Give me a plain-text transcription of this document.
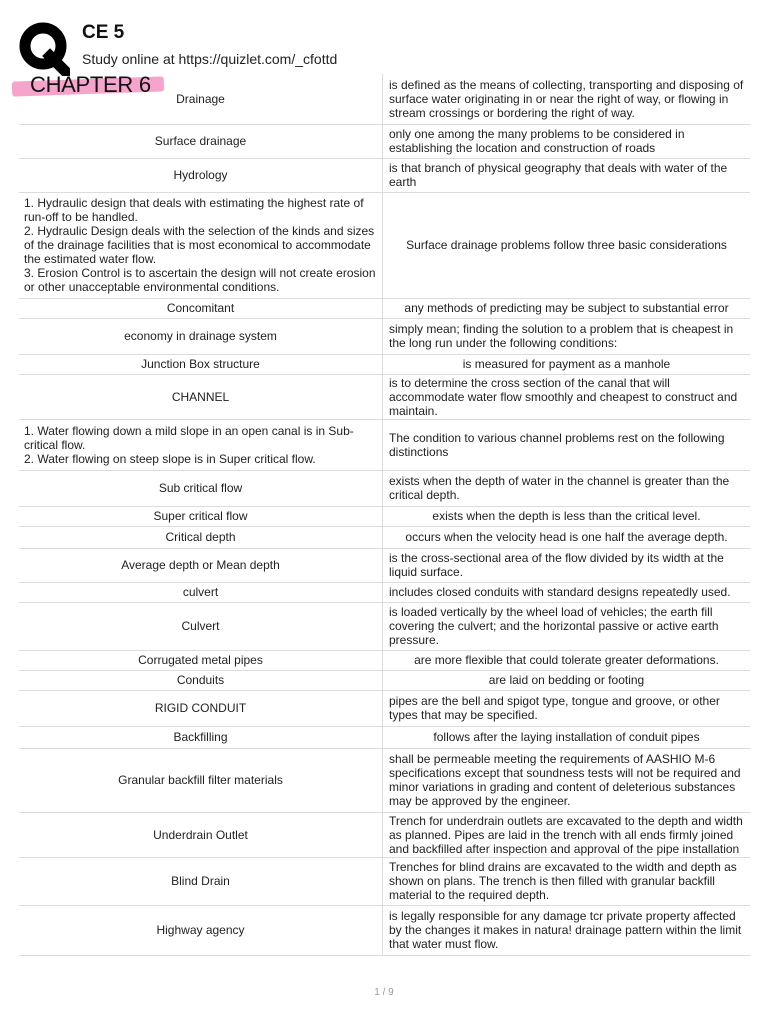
CE 5
Study online at https://quizlet.com/_cfottd
Drainage	is defined as the means of collecting, transporting and disposing of surface water originating in or near the right of way, or flowing in stream crossings or bordering the right of way.
Surface drainage	only one among the many problems to be considered in establishing the location and construction of roads
Hydrology	is that branch of physical geography that deals with water of the earth
1. Hydraulic design that deals with estimating the highest rate of run-off to be handled.
2. Hydraulic Design deals with the selection of the kinds and sizes of the drainage facilities that is most economical to accommodate the estimated water flow.
3. Erosion Control is to ascertain the design will not create erosion or other unacceptable environmental conditions.	Surface drainage problems follow three basic considerations
Concomitant	any methods of predicting may be subject to substantial error
economy in drainage system	simply mean; finding the solution to a problem that is cheapest in the long run under the following conditions:
Junction Box structure	is measured for payment as a manhole
CHANNEL	is to determine the cross section of the canal that will accommodate water flow smoothly and cheapest to construct and maintain.
1. Water flowing down a mild slope in an open canal is in Sub-critical flow.
2. Water flowing on steep slope is in Super critical flow.	The condition to various channel problems rest on the following distinctions
Sub critical flow	exists when the depth of water in the channel is greater than the critical depth.
Super critical flow	exists when the depth is less than the critical level.
Critical depth	occurs when the velocity head is one half the average depth.
Average depth or Mean depth	is the cross-sectional area of the flow divided by its width at the liquid surface.
culvert	includes closed conduits with standard designs repeatedly used.
Culvert	is loaded vertically by the wheel load of vehicles; the earth fill covering the culvert; and the horizontal passive or active earth pressure.
Corrugated metal pipes	are more flexible that could tolerate greater deformations.
Conduits	are laid on bedding or footing
RIGID CONDUIT	pipes are the bell and spigot type, tongue and groove, or other types that may be specified.
Backfilling	follows after the laying installation of conduit pipes
Granular backfill filter materials	shall be permeable meeting the requirements of AASHIO M-6 specifications except that soundness tests will not be required and minor variations in grading and content of deleterious substances may be approved by the engineer.
Underdrain Outlet	Trench for underdrain outlets are excavated to the depth and width as planned. Pipes are laid in the trench with all ends firmly joined and backfilled after inspection and approval of the pipe installation
Blind Drain	Trenches for blind drains are excavated to the width and depth as shown on plans. The trench is then filled with granular backfill material to the required depth.
Highway agency	is legally responsible for any damage tcr private property affected by the changes it makes in natura! drainage pattern within the limit that water must flow.
CHAPTER 6
1 / 9
